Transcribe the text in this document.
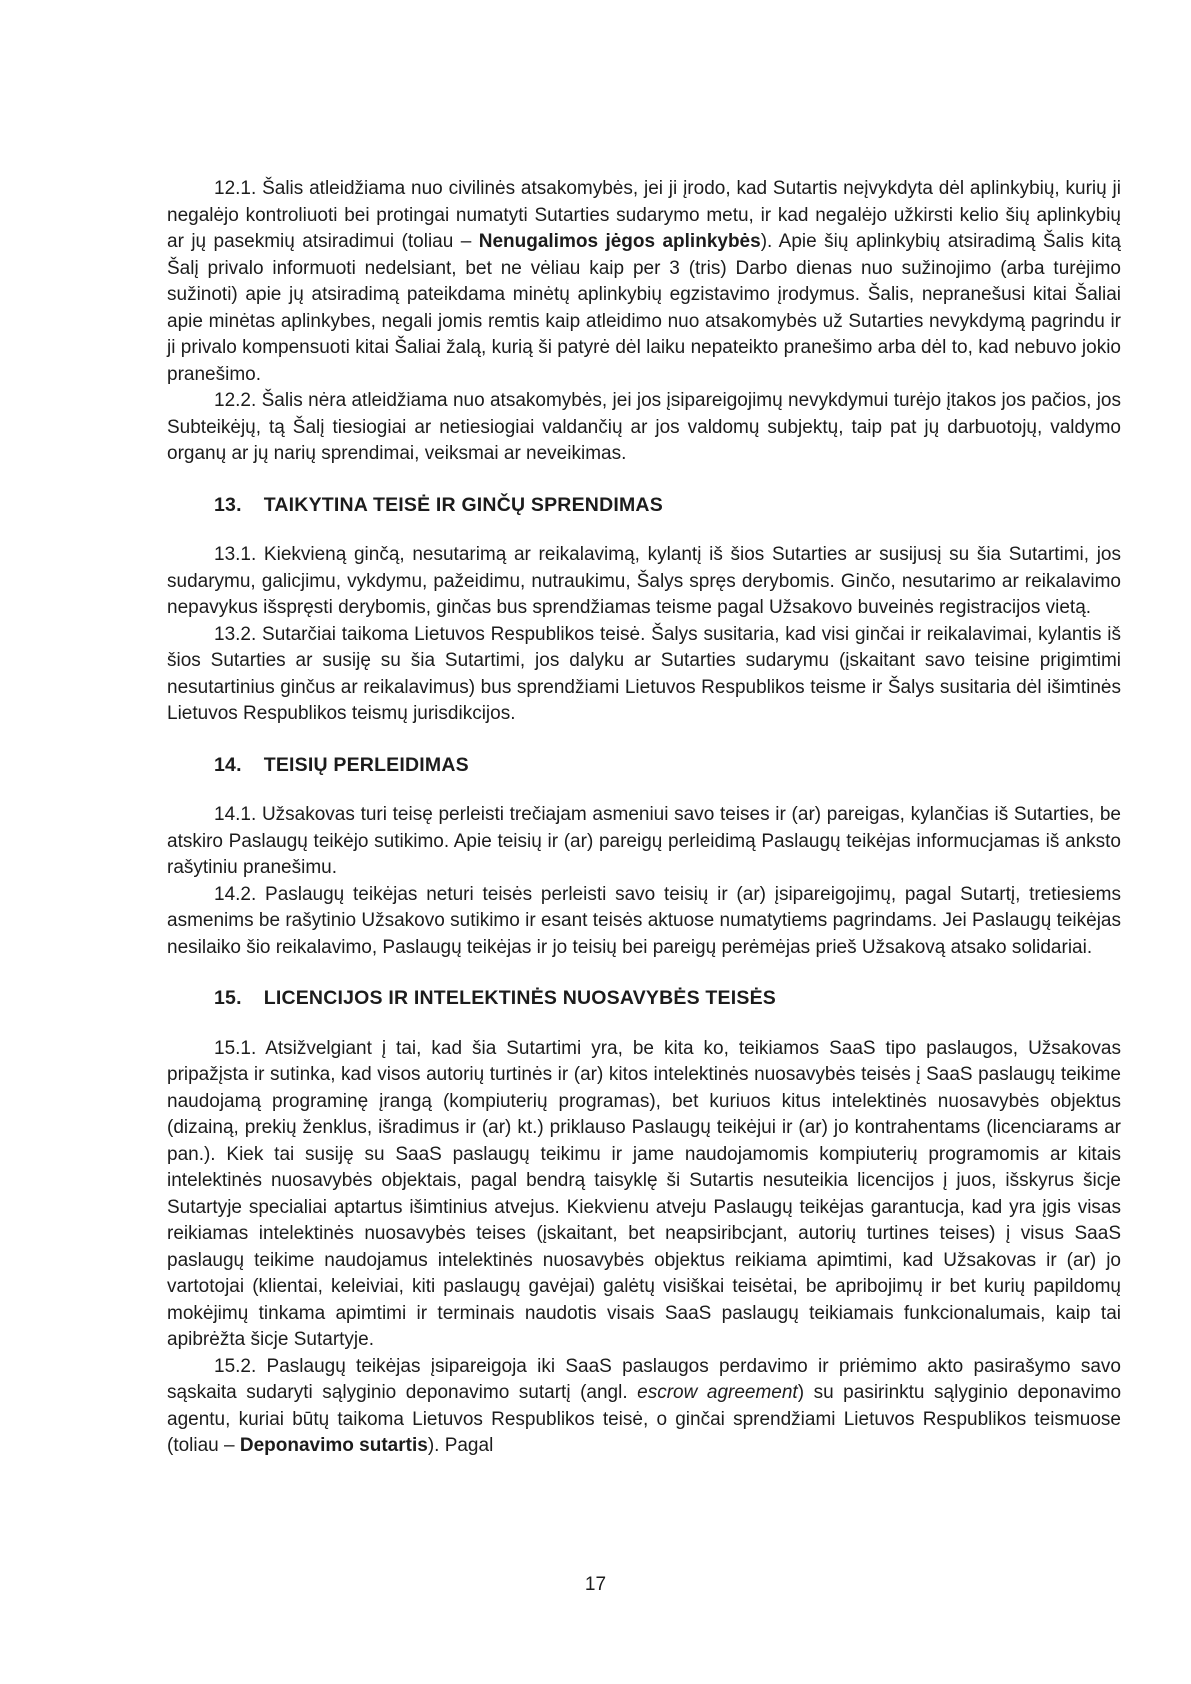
12.1. Šalis atleidžiama nuo civilinės atsakomybės, jei ji įrodo, kad Sutartis neįvykdyta dėl aplinkybių, kurių ji negalėjo kontroliuoti bei protingai numatyti Sutarties sudarymo metu, ir kad negalėjo užkirsti kelio šių aplinkybių ar jų pasekmių atsiradimui (toliau – Nenugalimos jėgos aplinkybės). Apie šių aplinkybių atsiradimą Šalis kitą Šalį privalo informuoti nedelsiant, bet ne vėliau kaip per 3 (tris) Darbo dienas nuo sužinojimo (arba turėjimo sužinoti) apie jų atsiradimą pateikdama minėtų aplinkybių egzistavimo įrodymus. Šalis, nepranešusi kitai Šaliai apie minėtas aplinkybes, negali jomis remtis kaip atleidimo nuo atsakomybės už Sutarties nevykdymą pagrindu ir ji privalo kompensuoti kitai Šaliai žalą, kurią ši patyrė dėl laiku nepateikto pranešimo arba dėl to, kad nebuvo jokio pranešimo.

12.2. Šalis nėra atleidžiama nuo atsakomybės, jei jos įsipareigojimų nevykdymui turėjo įtakos jos pačios, jos Subteikėjų, tą Šalį tiesiogiai ar netiesiogiai valdančių ar jos valdomų subjektų, taip pat jų darbuotojų, valdymo organų ar jų narių sprendimai, veiksmai ar neveikimas.

13. TAIKYTINA TEISĖ IR GINČŲ SPRENDIMAS

13.1. Kiekvieną ginčą, nesutarimą ar reikalavimą, kylantį iš šios Sutarties ar susijusį su šia Sutartimi, jos sudarymu, galicjimu, vykdymu, pažeidimu, nutraukimu, Šalys spręs derybomis. Ginčo, nesutarimo ar reikalavimo nepavykus išspręsti derybomis, ginčas bus sprendžiamas teisme pagal Užsakovo buveinės registracijos vietą.

13.2. Sutarčiai taikoma Lietuvos Respublikos teisė. Šalys susitaria, kad visi ginčai ir reikalavimai, kylantis iš šios Sutarties ar susiję su šia Sutartimi, jos dalyku ar Sutarties sudarymu (įskaitant savo teisine prigimtimi nesutartinius ginčus ar reikalavimus) bus sprendžiami Lietuvos Respublikos teisme ir Šalys susitaria dėl išimtinės Lietuvos Respublikos teismų jurisdikcijos.

14. TEISIŲ PERLEIDIMAS

14.1. Užsakovas turi teisę perleisti trečiajam asmeniui savo teises ir (ar) pareigas, kylančias iš Sutarties, be atskiro Paslaugų teikėjo sutikimo. Apie teisių ir (ar) pareigų perleidimą Paslaugų teikėjas informucjamas iš anksto rašytiniu pranešimu.

14.2. Paslaugų teikėjas neturi teisės perleisti savo teisių ir (ar) įsipareigojimų, pagal Sutartį, tretiesiems asmenims be rašytinio Užsakovo sutikimo ir esant teisės aktuose numatytiems pagrindams. Jei Paslaugų teikėjas nesilaiko šio reikalavimo, Paslaugų teikėjas ir jo teisių bei pareigų perėmėjas prieš Užsakovą atsako solidariai.

15. LICENCIJOS IR INTELEKTINĖS NUOSAVYBĖS TEISĖS

15.1. Atsižvelgiant į tai, kad šia Sutartimi yra, be kita ko, teikiamos SaaS tipo paslaugos, Užsakovas pripažįsta ir sutinka, kad visos autorių turtinės ir (ar) kitos intelektinės nuosavybės teisės į SaaS paslaugų teikime naudojamą programinę įrangą (kompiuterių programas), bet kuriuos kitus intelektinės nuosavybės objektus (dizainą, prekių ženklus, išradimus ir (ar) kt.) priklauso Paslaugų teikėjui ir (ar) jo kontrahentams (licenciarams ar pan.). Kiek tai susiję su SaaS paslaugų teikimu ir jame naudojamomis kompiuterių programomis ar kitais intelektinės nuosavybės objektais, pagal bendrą taisyklę ši Sutartis nesuteikia licencijos į juos, išskyrus šicje Sutartyje specialiai aptartus išimtinius atvejus. Kiekvienu atveju Paslaugų teikėjas garantucja, kad yra įgis visas reikiamas intelektinės nuosavybės teises (įskaitant, bet neapsiribcjant, autorių turtines teises) į visus SaaS paslaugų teikime naudojamus intelektinės nuosavybės objektus reikiama apimtimi, kad Užsakovas ir (ar) jo vartotojai (klientai, keleiviai, kiti paslaugų gavėjai) galėtų visiškai teisėtai, be apribojimų ir bet kurių papildomų mokėjimų tinkama apimtimi ir terminais naudotis visais SaaS paslaugų teikiamais funkcionalumais, kaip tai apibrėžta šicje Sutartyje.

15.2. Paslaugų teikėjas įsipareigoja iki SaaS paslaugos perdavimo ir priėmimo akto pasirašymo savo sąskaita sudaryti sąlyginio deponavimo sutartį (angl. escrow agreement) su pasirinktu sąlyginio deponavimo agentu, kuriai būtų taikoma Lietuvos Respublikos teisė, o ginčai sprendžiami Lietuvos Respublikos teismuose (toliau – Deponavimo sutartis). Pagal

17
